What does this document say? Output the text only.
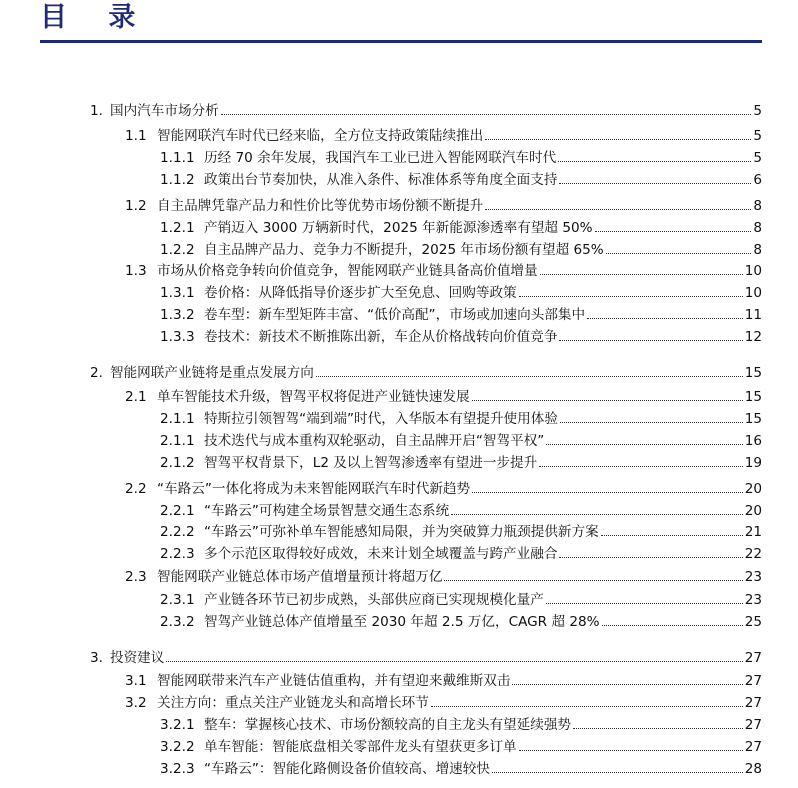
目 录
1. 国内汽车市场分析	5
1.1 智能网联汽车时代已经来临，全方位支持政策陆续推出	5
1.1.1 历经 70 余年发展，我国汽车工业已进入智能网联汽车时代	5
1.1.2 政策出台节奏加快，从准入条件、标准体系等角度全面支持	6
1.2 自主品牌凭靠产品力和性价比等优势市场份额不断提升	8
1.2.1 产销迈入 3000 万辆新时代，2025 年新能源渗透率有望超 50%	8
1.2.2 自主品牌产品力、竞争力不断提升，2025 年市场份额有望超 65%	8
1.3 市场从价格竞争转向价值竞争，智能网联产业链具备高价值增量	10
1.3.1 卷价格：从降低指导价逐步扩大至免息、回购等政策	10
1.3.2 卷车型：新车型矩阵丰富、“低价高配”，市场或加速向头部集中	11
1.3.3 卷技术：新技术不断推陈出新，车企从价格战转向价值竞争	12
2. 智能网联产业链将是重点发展方向	15
2.1 单车智能技术升级，智驾平权将促进产业链快速发展	15
2.1.1 特斯拉引领智驾“端到端”时代，入华版本有望提升使用体验	15
2.1.1 技术迭代与成本重构双轮驱动，自主品牌开启“智驾平权”	16
2.1.2 智驾平权背景下，L2 及以上智驾渗透率有望进一步提升	19
2.2 “车路云”一体化将成为未来智能网联汽车时代新趋势	20
2.2.1 “车路云”可构建全场景智慧交通生态系统	20
2.2.2 “车路云”可弥补单车智能感知局限，并为突破算力瓶颈提供新方案	21
2.2.3 多个示范区取得较好成效，未来计划全域覆盖与跨产业融合	22
2.3 智能网联产业链总体市场产值增量预计将超万亿	23
2.3.1 产业链各环节已初步成熟，头部供应商已实现规模化量产	23
2.3.2 智驾产业链总体产值增量至 2030 年超 2.5 万亿，CAGR 超 28%	25
3. 投资建议	27
3.1 智能网联带来汽车产业链估值重构，并有望迎来戴维斯双击	27
3.2 关注方向：重点关注产业链龙头和高增长环节	27
3.2.1 整车：掌握核心技术、市场份额较高的自主龙头有望延续强势	27
3.2.2 单车智能：智能底盘相关零部件龙头有望获更多订单	27
3.2.3 “车路云”：智能化路侧设备价值较高、增速较快	28
